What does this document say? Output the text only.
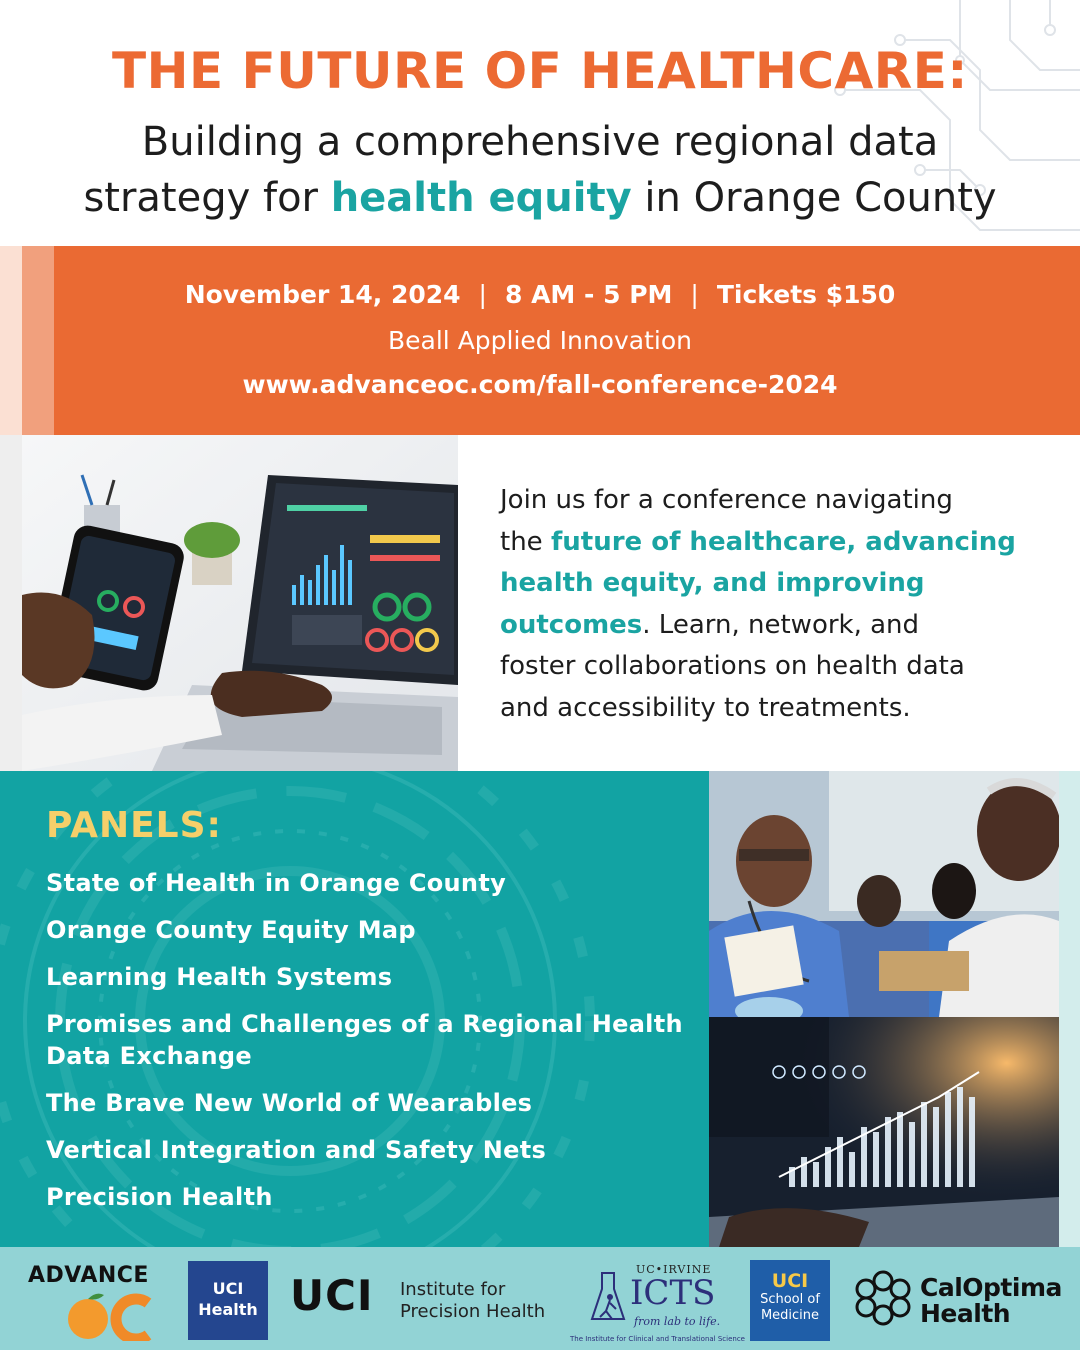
THE FUTURE OF HEALTHCARE:
Building a comprehensive regional data
strategy for health equity in Orange County
November 14, 2024 | 8 AM - 5 PM | Tickets $150
Beall Applied Innovation
www.advanceoc.com/fall-conference-2024
Join us for a conference navigating
the future of healthcare, advancing
health equity, and improving
outcomes. Learn, network, and
foster collaborations on health data
and accessibility to treatments.
PANELS:
State of Health in Orange County
Orange County Equity Map
Learning Health Systems
Promises and Challenges of a Regional Health Data Exchange
The Brave New World of Wearables
Vertical Integration and Safety Nets
Precision Health
ADVANCE
UCI
Health UCI Institute for
Precision Health
UC•IRVINE
ICTS
from lab to life.
The Institute for Clinical and Translational Science
UCI
School of
Medicine
CalOptima
Health
